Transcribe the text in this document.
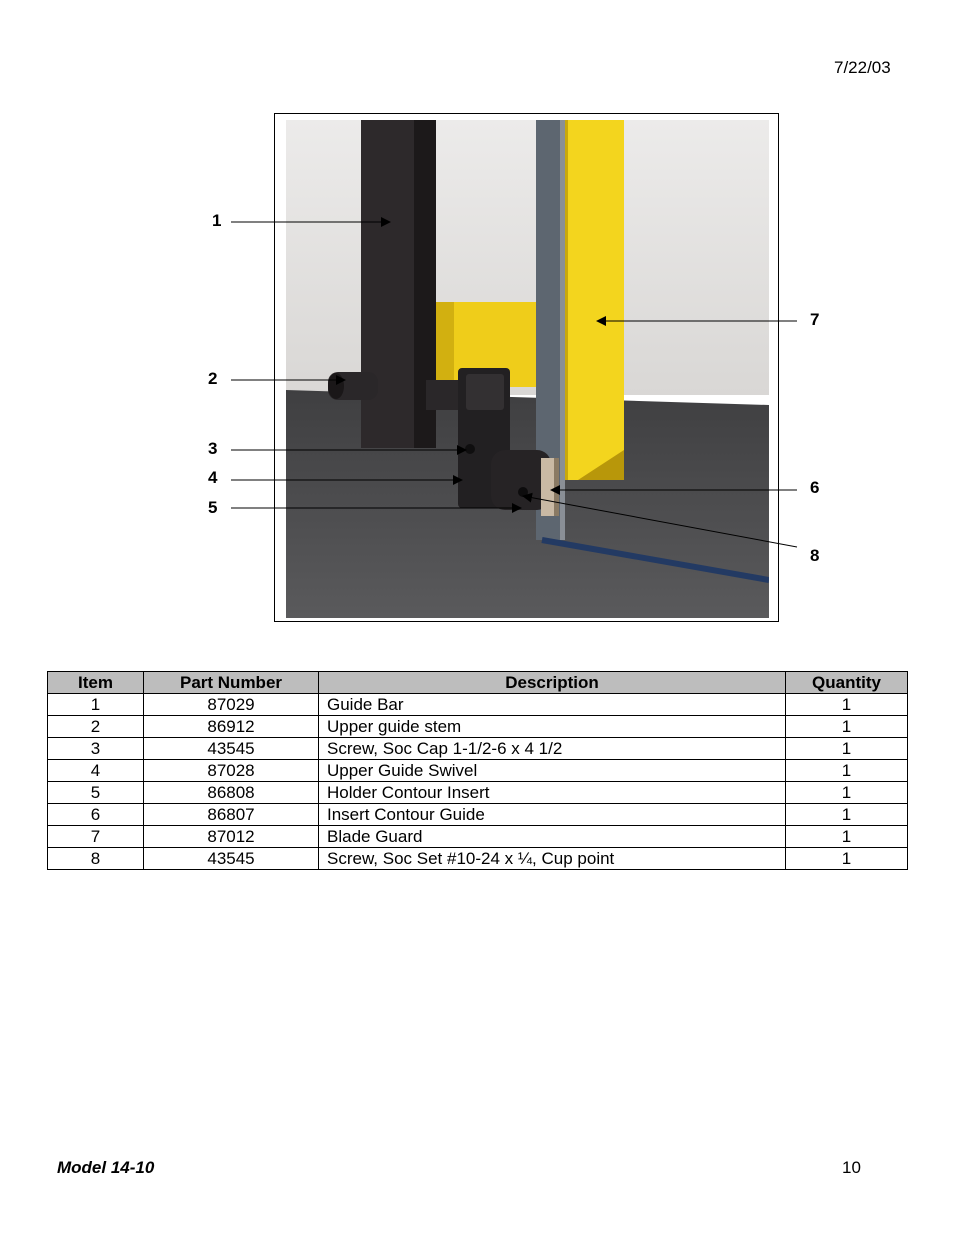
7/22/03
1
2
3
4
5
6
7
8
Item	Part Number	Description	Quantity
1	87029	Guide Bar	1
2	86912	Upper guide stem	1
3	43545	Screw, Soc Cap 1-1/2-6 x 4 1/2	1
4	87028	Upper Guide Swivel	1
5	86808	Holder Contour Insert	1
6	86807	Insert Contour Guide	1
7	87012	Blade Guard	1
8	43545	Screw, Soc Set #10-24 x ¼, Cup point	1
Model 14-10	10
